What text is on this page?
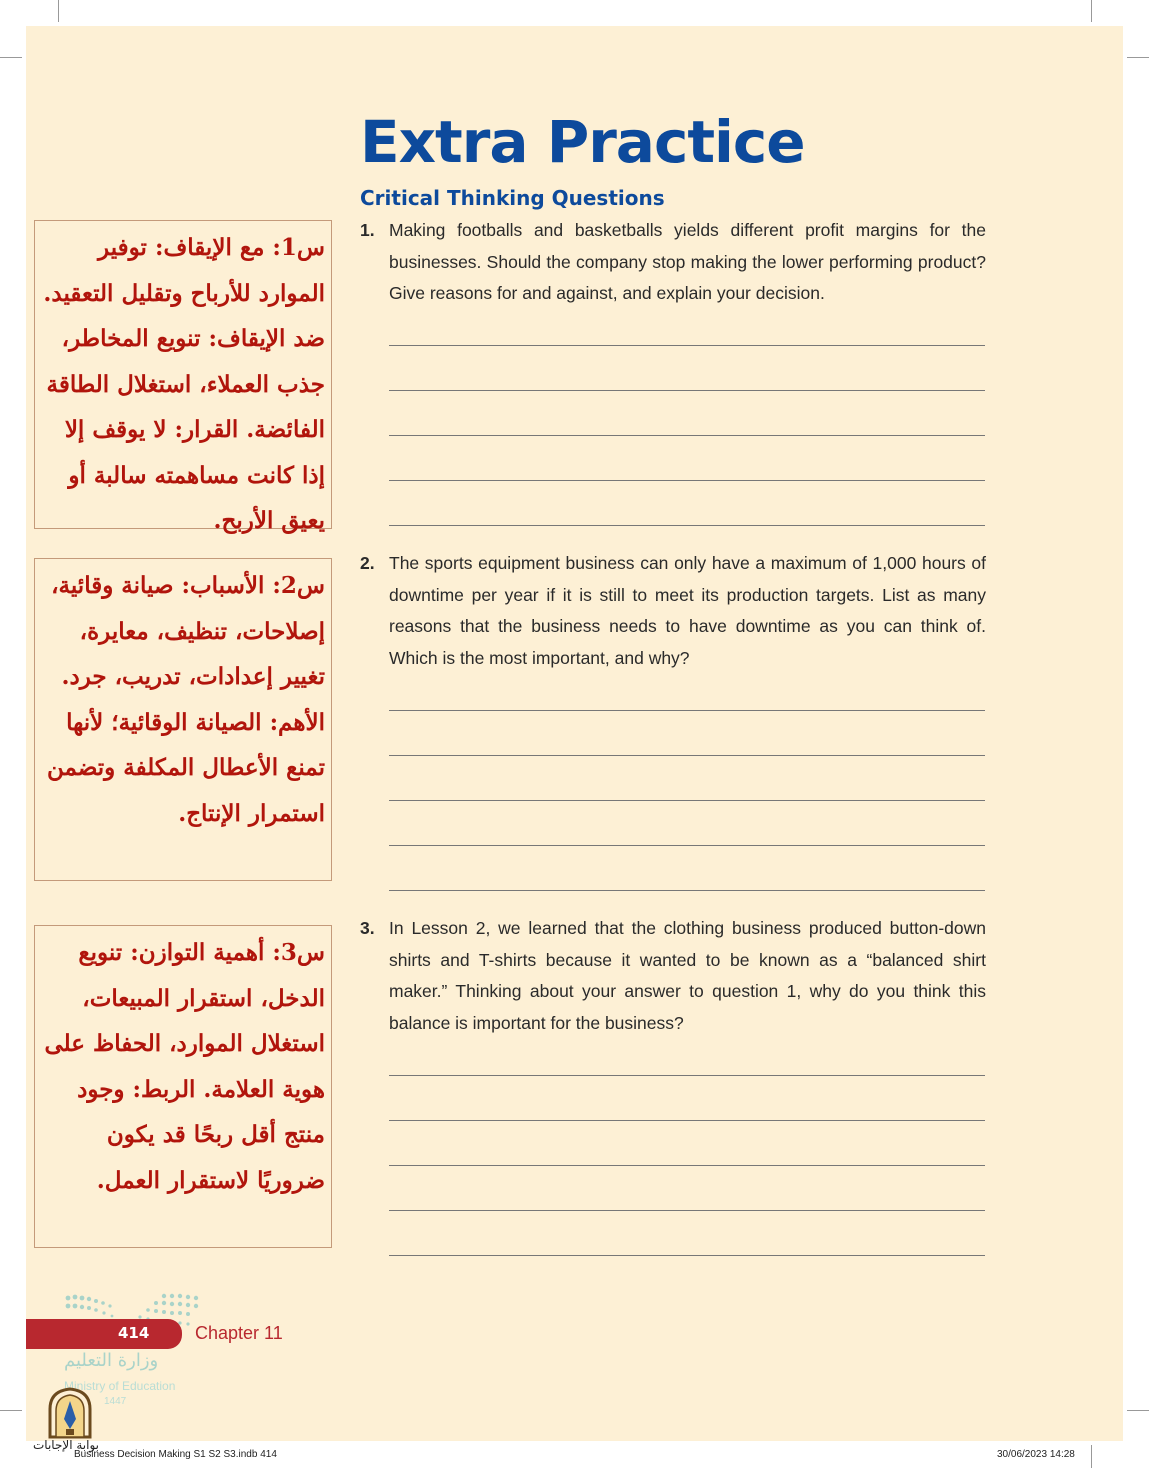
Extra Practice
Critical Thinking Questions
1. Making footballs and basketballs yields different profit margins for the businesses. Should the company stop making the lower performing product? Give reasons for and against, and explain your decision.
2. The sports equipment business can only have a maximum of 1,000 hours of downtime per year if it is still to meet its production targets. List as many reasons that the business needs to have downtime as you can think of. Which is the most important, and why?
3. In Lesson 2, we learned that the clothing business produced button-down shirts and T-shirts because it wanted to be known as a “balanced shirt maker.” Thinking about your answer to question 1, why do you think this balance is important for the business?
س1: مع الإيقاف: توفير الموارد للأرباح وتقليل التعقيد. ضد الإيقاف: تنويع المخاطر، جذب العملاء، استغلال الطاقة الفائضة. القرار: لا يوقف إلا إذا كانت مساهمته سالبة أو يعيق الأربح.
س2: الأسباب: صيانة وقائية، إصلاحات، تنظيف، معايرة، تغيير إعدادات، تدريب، جرد. الأهم: الصيانة الوقائية؛ لأنها تمنع الأعطال المكلفة وتضمن استمرار الإنتاج.
س3: أهمية التوازن: تنويع الدخل، استقرار المبيعات، استغلال الموارد، الحفاظ على هوية العلامة. الربط: وجود منتج أقل ربحًا قد يكون ضروريًا لاستقرار العمل.
414	Chapter 11
وزارة التعليم
Ministry of Education
1447
بوابة الإجابات
Business Decision Making S1 S2 S3.indb 414	30/06/2023 14:28
